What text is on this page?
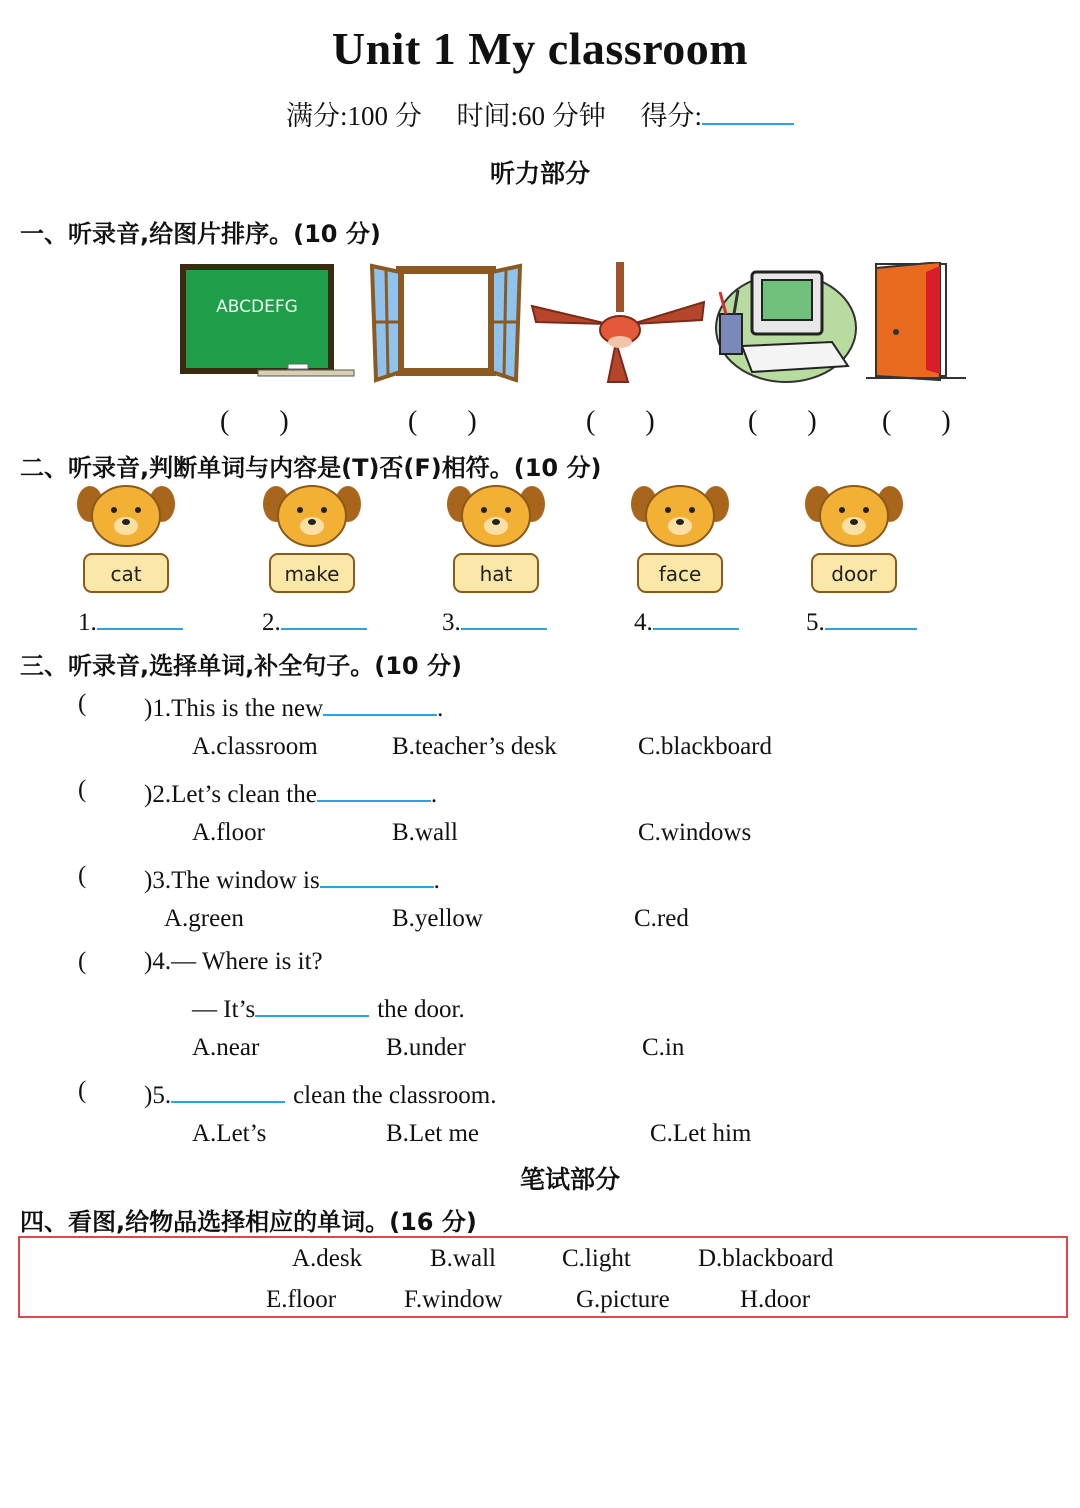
Unit 1 My classroom
满分:100 分 时间:60 分钟 得分:
听力部分
一、听录音,给图片排序。(10 分)
ABCDEFG
( )	( )	( )	( ) ( )
二、听录音,判断单词与内容是(T)否(F)相符。(10 分)
cat	make	hat	face	door
1.	2.	3.	4.	5.
三、听录音,选择单词,补全句子。(10 分)
( )1.This is the new	.
A.classroom	B.teacher’s desk	C.blackboard
( )2.Let’s clean the	.
A.floor	B.wall	C.windows
( )3.The window is	.
A.green	B.yellow	C.red
( )4.— Where is it?
— It’s	the door.
A.near	B.under	C.in
( )5.	clean the classroom.
A.Let’s	B.Let me	C.Let him
笔试部分
四、看图,给物品选择相应的单词。(16 分)
A.desk	B.wall	C.light	D.blackboard
E.floor	F.window	G.picture	H.door
